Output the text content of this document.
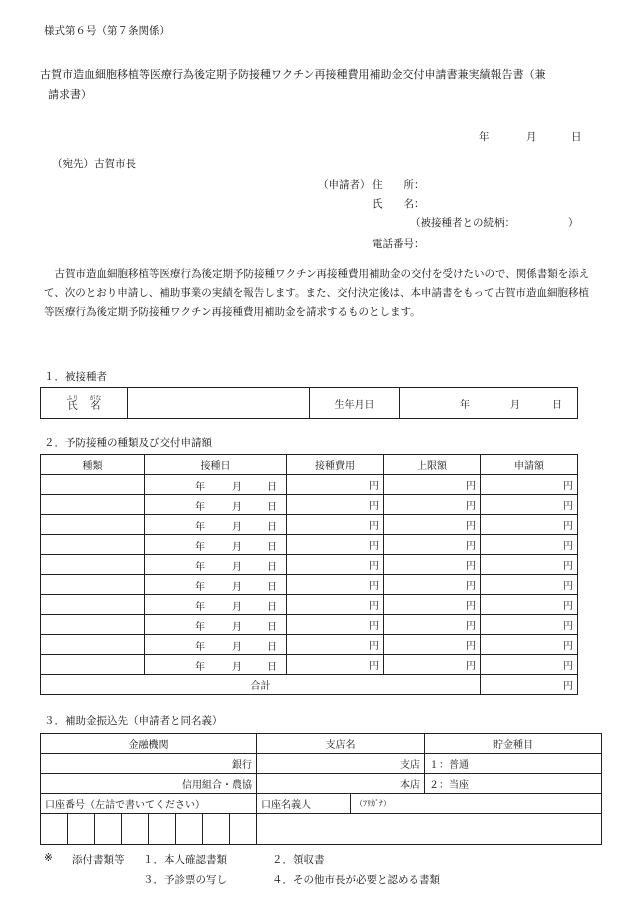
様式第６号（第７条関係）
古賀市造血細胞移植等医療行為後定期予防接種ワクチン再接種費用補助金交付申請書兼実績報告書（兼
請求書）
年	月	日
（宛先）古賀市長
（申請者） 住　　所：
氏　　名：
（被接種者との続柄：	）
電話番号：
古賀市造血細胞移植等医療行為後定期予防接種ワクチン再接種費用補助金の交付を受けたいので、関係書類を添えて、次のとおり申請し、補助事業の実績を報告します。また、交付決定後は、本申請書をもって古賀市造血細胞移植等医療行為後定期予防接種ワクチン再接種費用補助金を請求するものとします。
１．被接種者
氏ふり    名がな		生年月日	年	月	日
２．予防接種の種類及び交付申請額
種類	接種日	接種費用	上限額	申請額

	年 月 日	円	円	円

	年 月 日	円	円	円

	年 月 日	円	円	円

	年 月 日	円	円	円

	年 月 日	円	円	円

	年 月 日	円	円	円

	年 月 日	円	円	円

	年 月 日	円	円	円

	年 月 日	円	円	円

	年 月 日	円	円	円
合計				円
３．補助金振込先（申請者と同名義）
金融機関								支店名		貯金種目
銀行								支店		１：普通
信用組合・農協								本店		２：当座
口座番号（左詰で書いてください）								口座名義人	（ﾌﾘｶﾞﾅ）	

※ 添付書類等 １．本人確認書類	２．領収書
３．予診票の写し	４．その他市長が必要と認める書類
